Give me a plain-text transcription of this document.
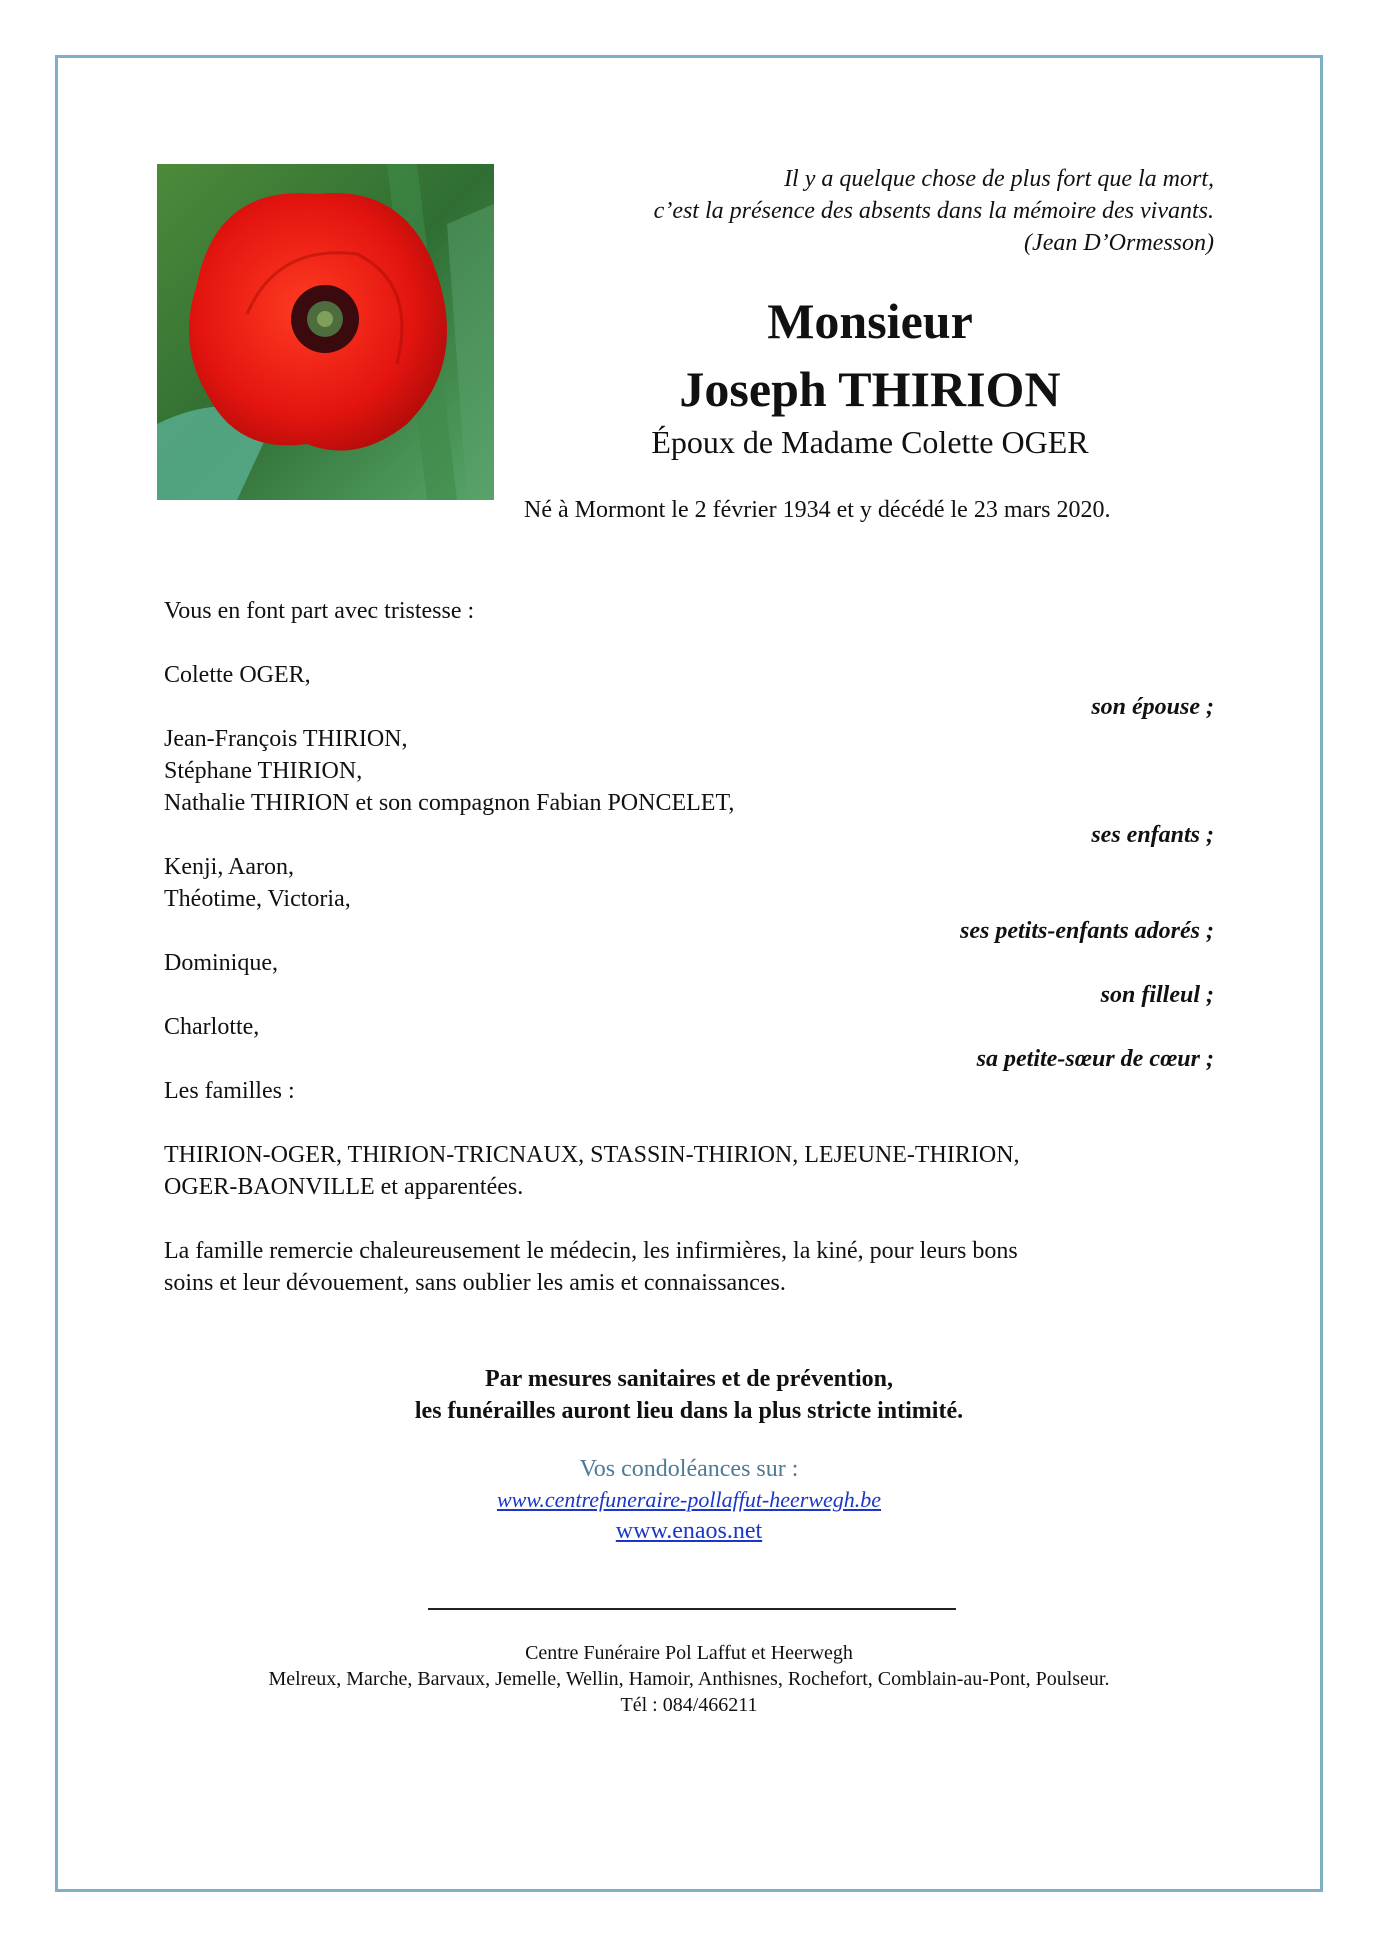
Il y a quelque chose de plus fort que la mort,
c’est la présence des absents dans la mémoire des vivants.
(Jean D’Ormesson)
Monsieur
Joseph THIRION
Époux de Madame Colette OGER
Né à Mormont le 2 février 1934 et y décédé le 23 mars 2020.
Vous en font part avec tristesse :
Colette OGER,
son épouse ;
Jean-François THIRION,
Stéphane THIRION,
Nathalie THIRION et son compagnon Fabian PONCELET,
ses enfants ;
Kenji, Aaron,
Théotime, Victoria,
ses petits-enfants adorés ;
Dominique,
son filleul ;
Charlotte,
sa petite-sœur de cœur ;
Les familles :
THIRION-OGER, THIRION-TRICNAUX, STASSIN-THIRION, LEJEUNE-THIRION,
OGER-BAONVILLE et apparentées.
La famille remercie chaleureusement le médecin, les infirmières, la kiné, pour leurs bons
soins et leur dévouement, sans oublier les amis et connaissances.
Par mesures sanitaires et de prévention,
les funérailles auront lieu dans la plus stricte intimité.
Vos condoléances sur :
www.centrefuneraire-pollaffut-heerwegh.be
www.enaos.net
Centre Funéraire Pol Laffut et Heerwegh
Melreux, Marche, Barvaux, Jemelle, Wellin, Hamoir, Anthisnes, Rochefort, Comblain-au-Pont, Poulseur.
Tél : 084/466211
